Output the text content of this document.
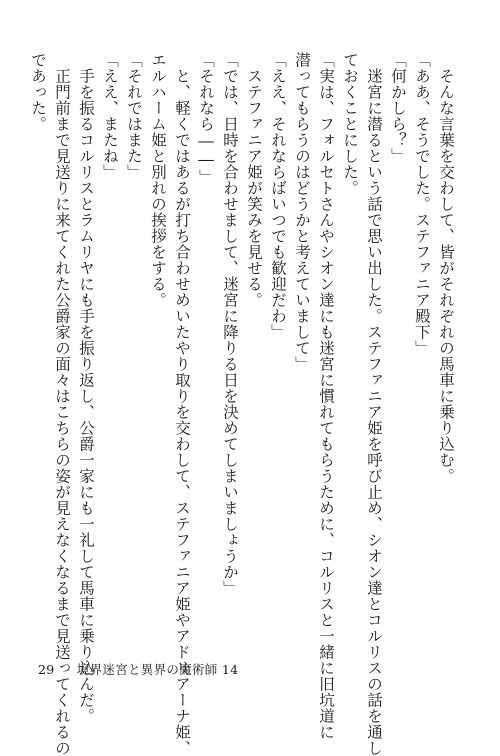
　そんな言葉を交わして、皆がそれぞれの馬車に乗り込む。
「ああ、そうでした。ステファニア殿下」
「何かしら？」
　迷宮に潜るという話で思い出した。ステファニア姫を呼び止め、シオン達とコルリスの話を通し
ておくことにした。
「実は、フォルセトさんやシオン達にも迷宮に慣れてもらうために、コルリスと一緒に旧坑道に
潜ってもらうのはどうかと考えていまして」
「ええ、それならばいつでも歓迎だわ」
　ステファニア姫が笑みを見せる。
「では、日時を合わせまして、迷宮に降りる日を決めてしまいましょうか」
「それなら――」
　と、軽くではあるが打ち合わせめいたやり取りを交わして、ステファニア姫やアドリアーナ姫、
エルハーム姫と別れの挨拶をする。
「それではまた」
「ええ、またね」
　手を振るコルリスとラムリヤにも手を振り返し、公爵一家にも一礼して馬車に乗り込んだ。
　正門前まで見送りに来てくれた公爵家の面々はこちらの姿が見えなくなるまで見送ってくれるの
であった。
29 境界迷宮と異界の魔術師 14
